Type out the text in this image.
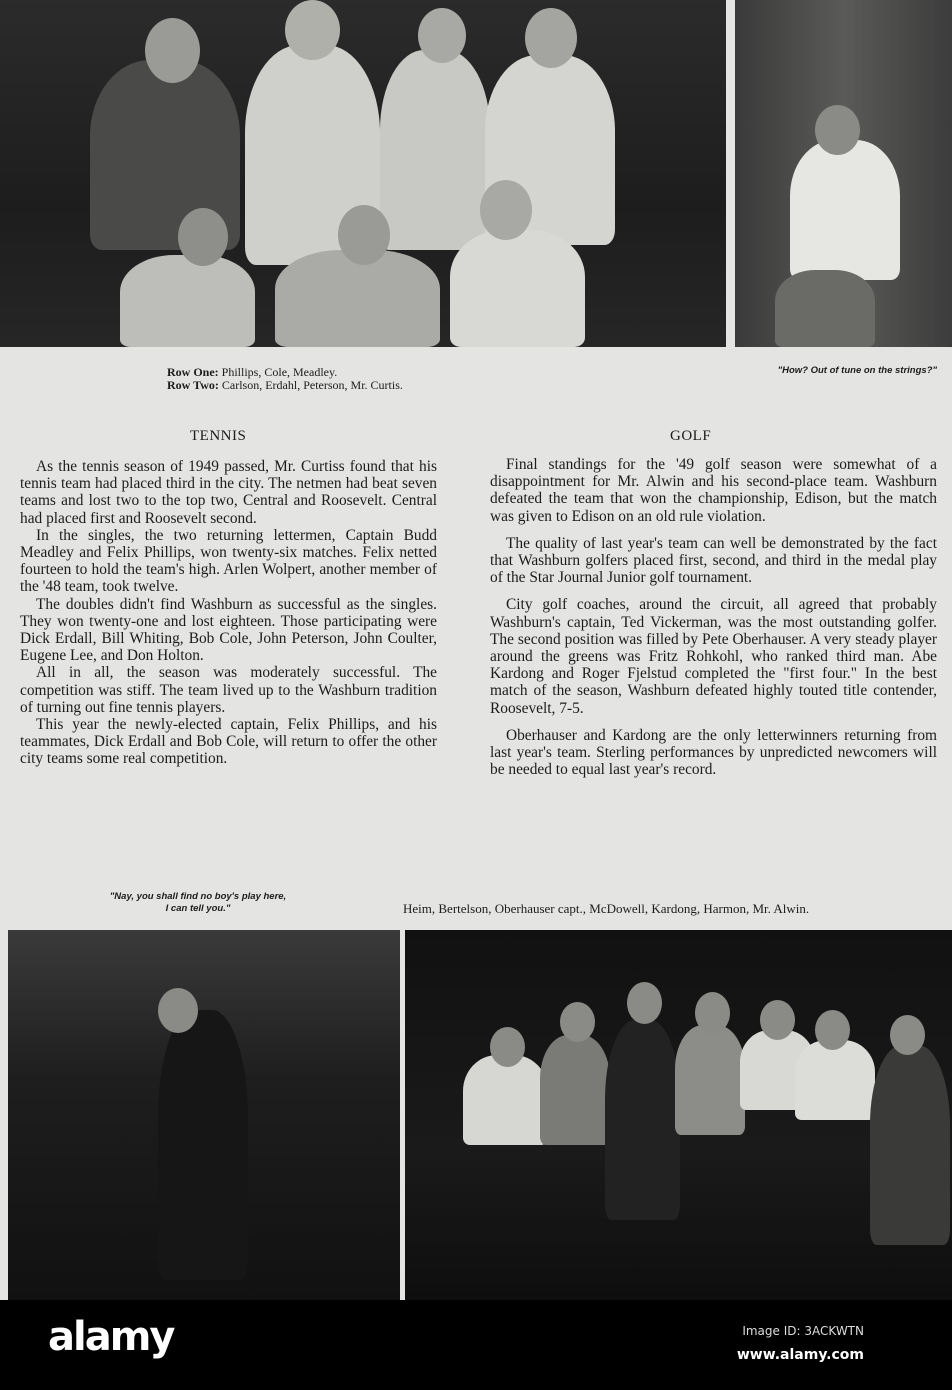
Row One: Phillips, Cole, Meadley.
Row Two: Carlson, Erdahl, Peterson, Mr. Curtis.
"How? Out of tune on the strings?"
TENNIS

As the tennis season of 1949 passed, Mr. Curtiss found that his tennis team had placed third in the city. The netmen had beat seven teams and lost two to the top two, Central and Roosevelt. Central had placed first and Roosevelt second.

In the singles, the two returning lettermen, Captain Budd Meadley and Felix Phillips, won twenty-six matches. Felix netted fourteen to hold the team's high. Arlen Wolpert, another member of the '48 team, took twelve.

The doubles didn't find Washburn as successful as the singles. They won twenty-one and lost eighteen. Those participating were Dick Erdall, Bill Whiting, Bob Cole, John Peterson, John Coulter, Eugene Lee, and Don Holton.

All in all, the season was moderately successful. The competition was stiff. The team lived up to the Washburn tradition of turning out fine tennis players.

This year the newly-elected captain, Felix Phillips, and his teammates, Dick Erdall and Bob Cole, will return to offer the other city teams some real competition.

GOLF

Final standings for the '49 golf season were somewhat of a disappointment for Mr. Alwin and his second-place team. Washburn defeated the team that won the championship, Edison, but the match was given to Edison on an old rule violation.

The quality of last year's team can well be demonstrated by the fact that Washburn golfers placed first, second, and third in the medal play of the Star Journal Junior golf tournament.

City golf coaches, around the circuit, all agreed that probably Washburn's captain, Ted Vickerman, was the most outstanding golfer. The second position was filled by Pete Oberhauser. A very steady player around the greens was Fritz Rohkohl, who ranked third man. Abe Kardong and Roger Fjelstud completed the "first four." In the best match of the season, Washburn defeated highly touted title contender, Roosevelt, 7-5.

Oberhauser and Kardong are the only letterwinners returning from last year's team. Sterling performances by unpredicted newcomers will be needed to equal last year's record.

"Nay, you shall find no boy's play here,
I can tell you."	Heim, Bertelson, Oberhauser capt., McDowell, Kardong, Harmon, Mr. Alwin.
alamy	Image ID: 3ACKWTN
www.alamy.com
